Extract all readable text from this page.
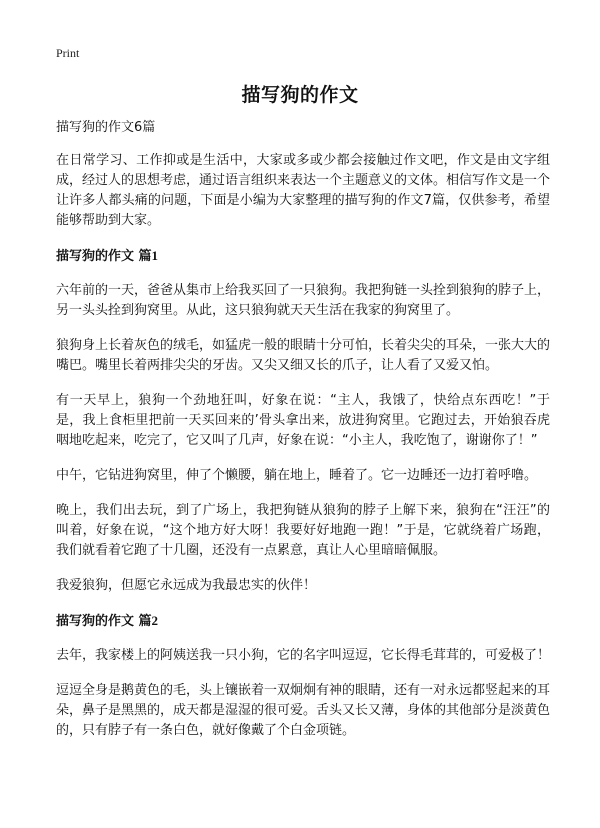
Print
描写狗的作文
描写狗的作文6篇

在日常学习、工作抑或是生活中，大家或多或少都会接触过作文吧，作文是由文字组成，经过人的思想考虑，通过语言组织来表达一个主题意义的文体。相信写作文是一个让许多人都头痛的问题，下面是小编为大家整理的描写狗的作文7篇，仅供参考，希望能够帮助到大家。

描写狗的作文 篇1

六年前的一天，爸爸从集市上给我买回了一只狼狗。我把狗链一头拴到狼狗的脖子上，另一头头拴到狗窝里。从此，这只狼狗就天天生活在我家的狗窝里了。

狼狗身上长着灰色的绒毛，如猛虎一般的眼睛十分可怕，长着尖尖的耳朵，一张大大的嘴巴。嘴里长着两排尖尖的牙齿。又尖又细又长的爪子，让人看了又爱又怕。

有一天早上，狼狗一个劲地狂叫，好象在说：“主人，我饿了，快给点东西吃！”于是，我上食柜里把前一天买回来的’骨头拿出来，放进狗窝里。它跑过去，开始狼吞虎咽地吃起来，吃完了，它又叫了几声，好象在说：“小主人，我吃饱了，谢谢你了！”

中午，它钻进狗窝里，伸了个懒腰，躺在地上，睡着了。它一边睡还一边打着呼噜。

晚上，我们出去玩，到了广场上，我把狗链从狼狗的脖子上解下来，狼狗在“汪汪”的叫着，好象在说，“这个地方好大呀！我要好好地跑一跑！”于是，它就绕着广场跑，我们就看着它跑了十几圈，还没有一点累意，真让人心里暗暗佩服。

我爱狼狗，但愿它永远成为我最忠实的伙伴！

描写狗的作文 篇2

去年，我家楼上的阿姨送我一只小狗，它的名字叫逗逗，它长得毛茸茸的，可爱极了！

逗逗全身是鹅黄色的毛，头上镶嵌着一双炯炯有神的眼睛，还有一对永远都竖起来的耳朵，鼻子是黑黑的，成天都是湿湿的很可爱。舌头又长又薄，身体的其他部分是淡黄色的，只有脖子有一条白色，就好像戴了个白金项链。
